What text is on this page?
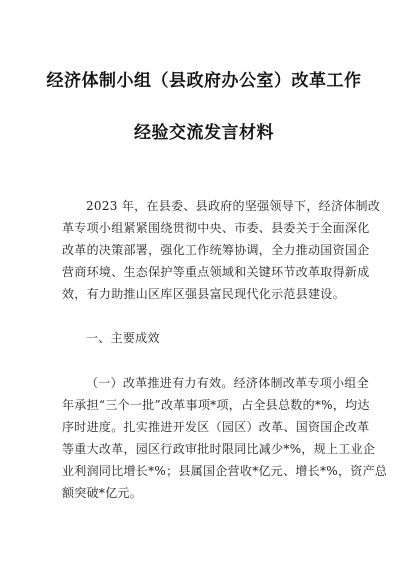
经济体制小组（县政府办公室）改革工作
经验交流发言材料
2023 年，在县委、县政府的坚强领导下，经济体制改
革专项小组紧紧围绕贯彻中央、市委、县委关于全面深化
改革的决策部署，强化工作统筹协调，全力推动国资国企
营商环境、生态保护等重点领域和关键环节改革取得新成
效，有力助推山区库区强县富民现代化示范县建设。
一、主要成效
（一）改革推进有力有效。经济体制改革专项小组全
年承担“三个一批”改革事项*项，占全县总数的*%，均达
序时进度。扎实推进开发区（园区）改革、国资国企改革
等重大改革，园区行政审批时限同比减少*%，规上工业企
业利润同比增长*%；县属国企营收*亿元、增长*%，资产总
额突破*亿元。
